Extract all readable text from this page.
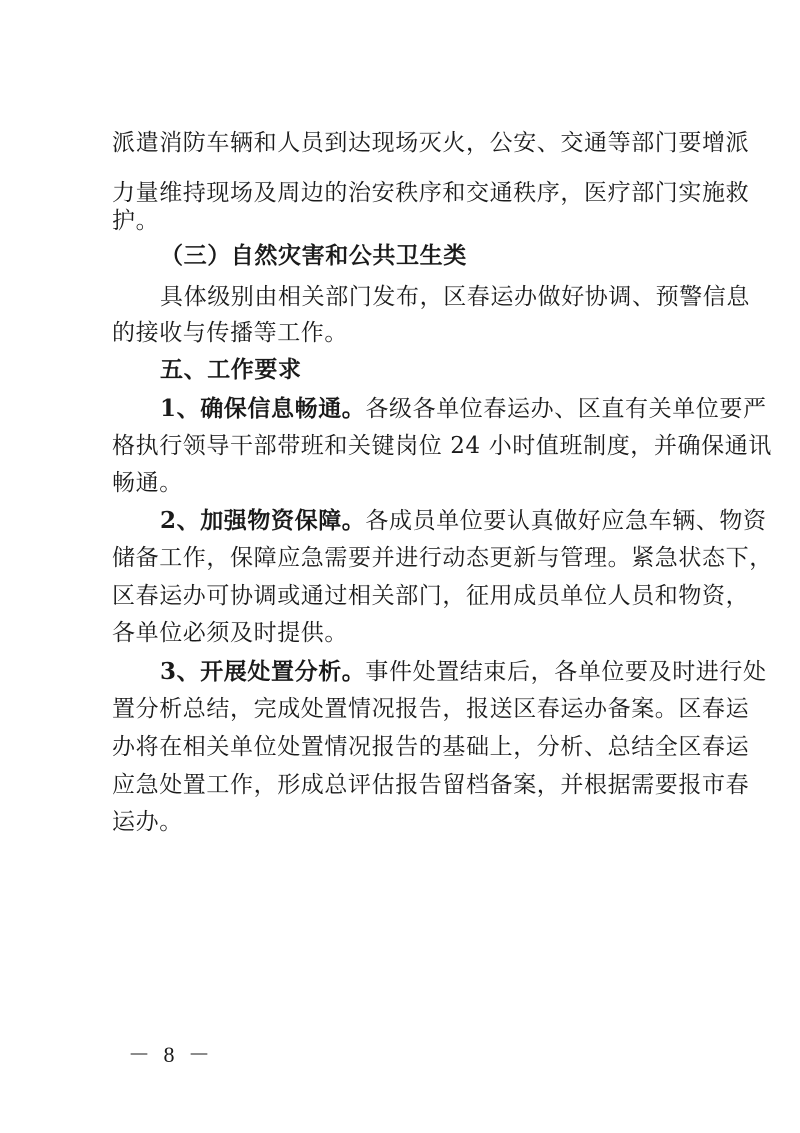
派遣消防车辆和人员到达现场灭火，公安、交通等部门要增派
力量维持现场及周边的治安秩序和交通秩序，医疗部门实施救
护。
（三）自然灾害和公共卫生类
具体级别由相关部门发布，区春运办做好协调、预警信息
的接收与传播等工作。
五、工作要求
1、确保信息畅通。各级各单位春运办、区直有关单位要严
格执行领导干部带班和关键岗位 24 小时值班制度，并确保通讯
畅通。
2、加强物资保障。各成员单位要认真做好应急车辆、物资
储备工作，保障应急需要并进行动态更新与管理。紧急状态下，
区春运办可协调或通过相关部门，征用成员单位人员和物资，
各单位必须及时提供。
3、开展处置分析。事件处置结束后，各单位要及时进行处
置分析总结，完成处置情况报告，报送区春运办备案。区春运
办将在相关单位处置情况报告的基础上，分析、总结全区春运
应急处置工作，形成总评估报告留档备案，并根据需要报市春
运办。
－ 8 －
